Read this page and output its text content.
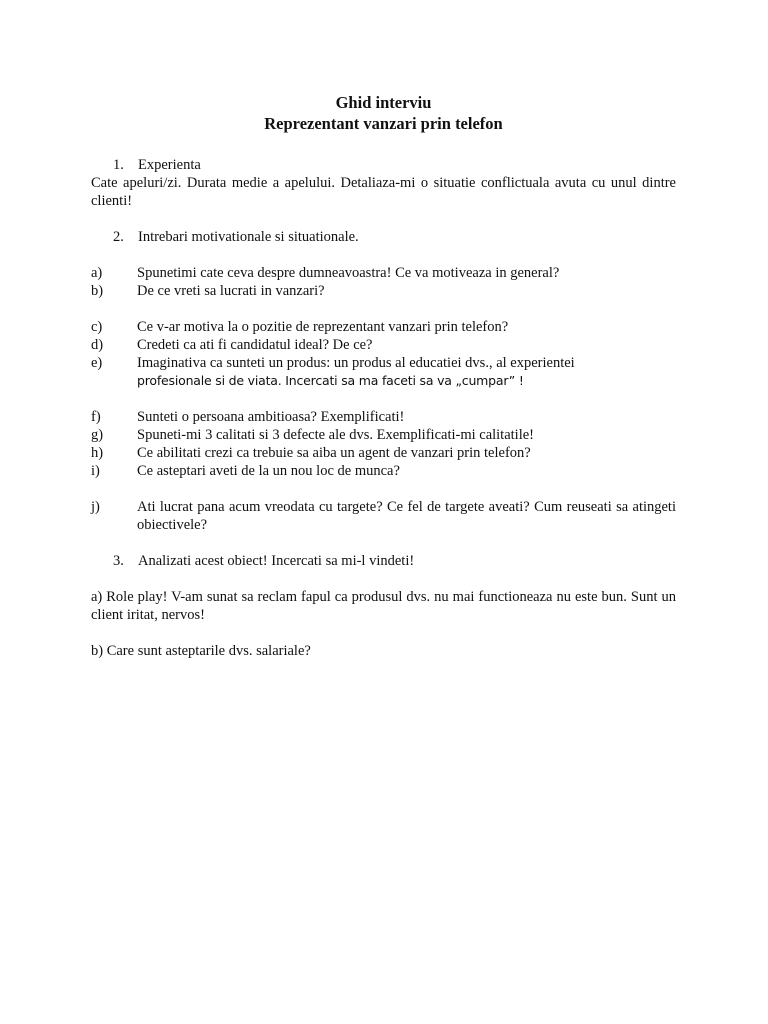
Ghid interviu
Reprezentant vanzari prin telefon
1. Experienta
Cate apeluri/zi. Durata medie a apelului. Detaliaza-mi o situatie conflictuala avuta cu unul dintre clienti!
2. Intrebari motivationale si situationale.
a)	Spunetimi cate ceva despre dumneavoastra! Ce va motiveaza in general?
b)	De ce vreti sa lucrati in vanzari?
c)	Ce v-ar motiva la o pozitie de reprezentant vanzari prin telefon?
d)	Credeti ca ati fi candidatul ideal? De ce?
e)	Imaginativa ca sunteti un produs: un produs al educatiei dvs., al experientei
profesionale si de viata. Incercati sa ma faceti sa va „cumpar” !
f)	Sunteti o persoana ambitioasa? Exemplificati!
g)	Spuneti-mi 3 calitati si 3 defecte ale dvs. Exemplificati-mi calitatile!
h)	Ce abilitati crezi ca trebuie sa aiba un agent de vanzari prin telefon?
i)	Ce asteptari aveti de la un nou loc de munca?
j)	Ati lucrat pana acum vreodata cu targete? Ce fel de targete aveati? Cum reuseati sa atingeti obiectivele?
3. Analizati acest obiect! Incercati sa mi-l vindeti!
a) Role play! V-am sunat sa reclam fapul ca produsul dvs. nu mai functioneaza nu este bun. Sunt un client iritat, nervos!
b) Care sunt asteptarile dvs. salariale?
